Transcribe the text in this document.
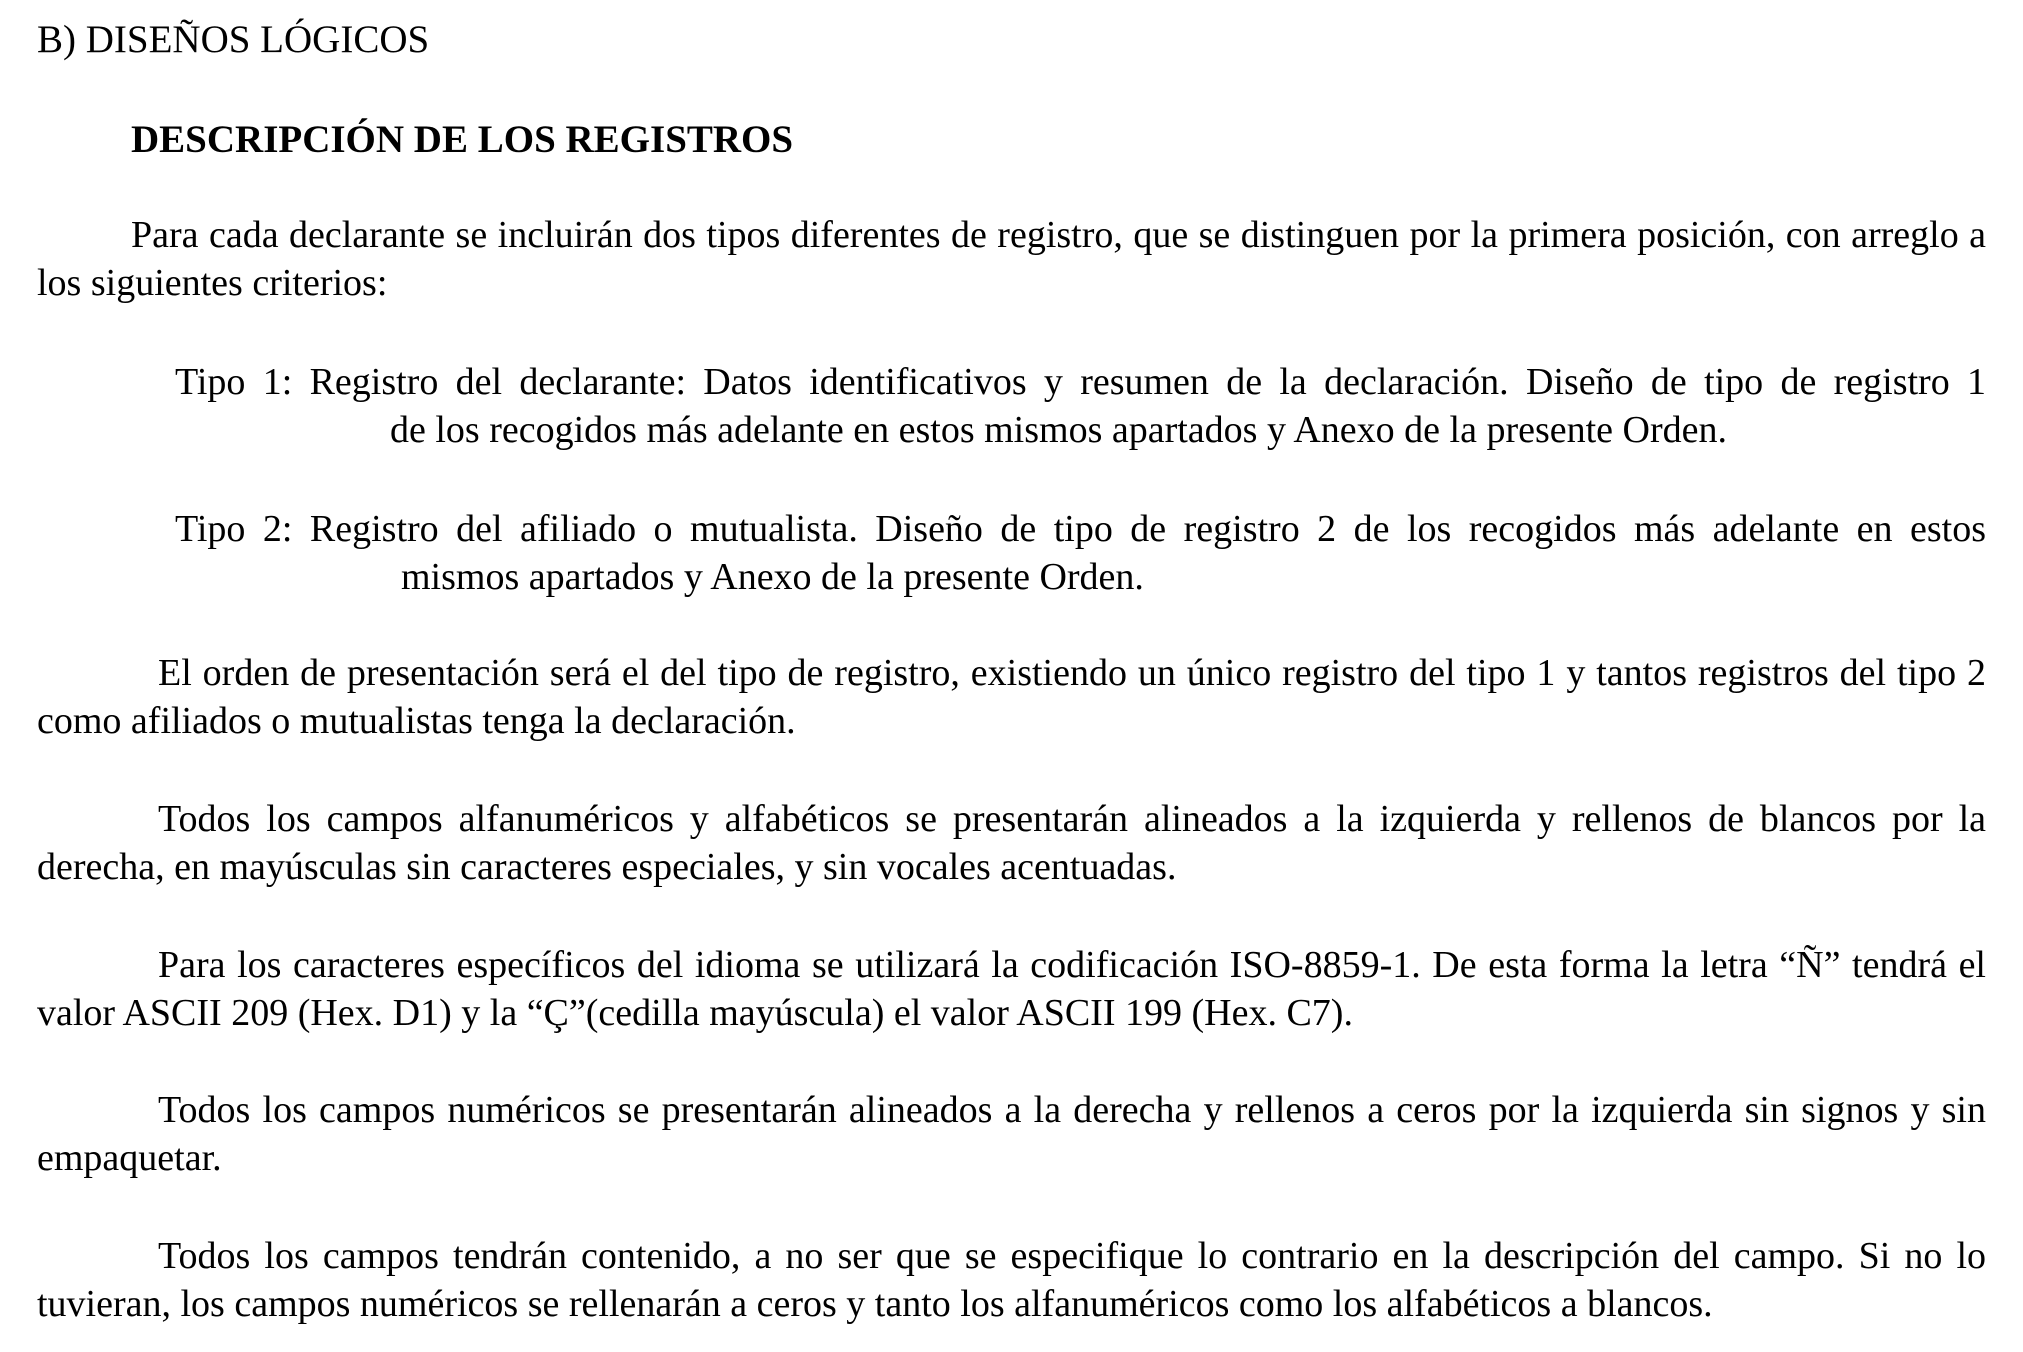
B) DISEÑOS LÓGICOS
DESCRIPCIÓN DE LOS REGISTROS

Para cada declarante se incluirán dos tipos diferentes de registro, que se distinguen por la primera posición, con arreglo a los siguientes criterios:

Tipo 1: Registro del declarante: Datos identificativos y resumen de la declaración. Diseño de tipo de registro 1
de los recogidos más adelante en estos mismos apartados y Anexo de la presente Orden.
Tipo 2: Registro del afiliado o mutualista. Diseño de tipo de registro 2 de los recogidos más adelante en estos
mismos apartados y Anexo de la presente Orden.

El orden de presentación será el del tipo de registro, existiendo un único registro del tipo 1 y tantos registros del tipo 2 como afiliados o mutualistas tenga la declaración.

Todos los campos alfanuméricos y alfabéticos se presentarán alineados a la izquierda y rellenos de blancos por la derecha, en mayúsculas sin caracteres especiales, y sin vocales acentuadas.

Para los caracteres específicos del idioma se utilizará la codificación ISO-8859-1. De esta forma la letra “Ñ” tendrá el valor ASCII 209 (Hex. D1) y la “Ç”(cedilla mayúscula) el valor ASCII 199 (Hex. C7).

Todos los campos numéricos se presentarán alineados a la derecha y rellenos a ceros por la izquierda sin signos y sin empaquetar.

Todos los campos tendrán contenido, a no ser que se especifique lo contrario en la descripción del campo. Si no lo tuvieran, los campos numéricos se rellenarán a ceros y tanto los alfanuméricos como los alfabéticos a blancos.
